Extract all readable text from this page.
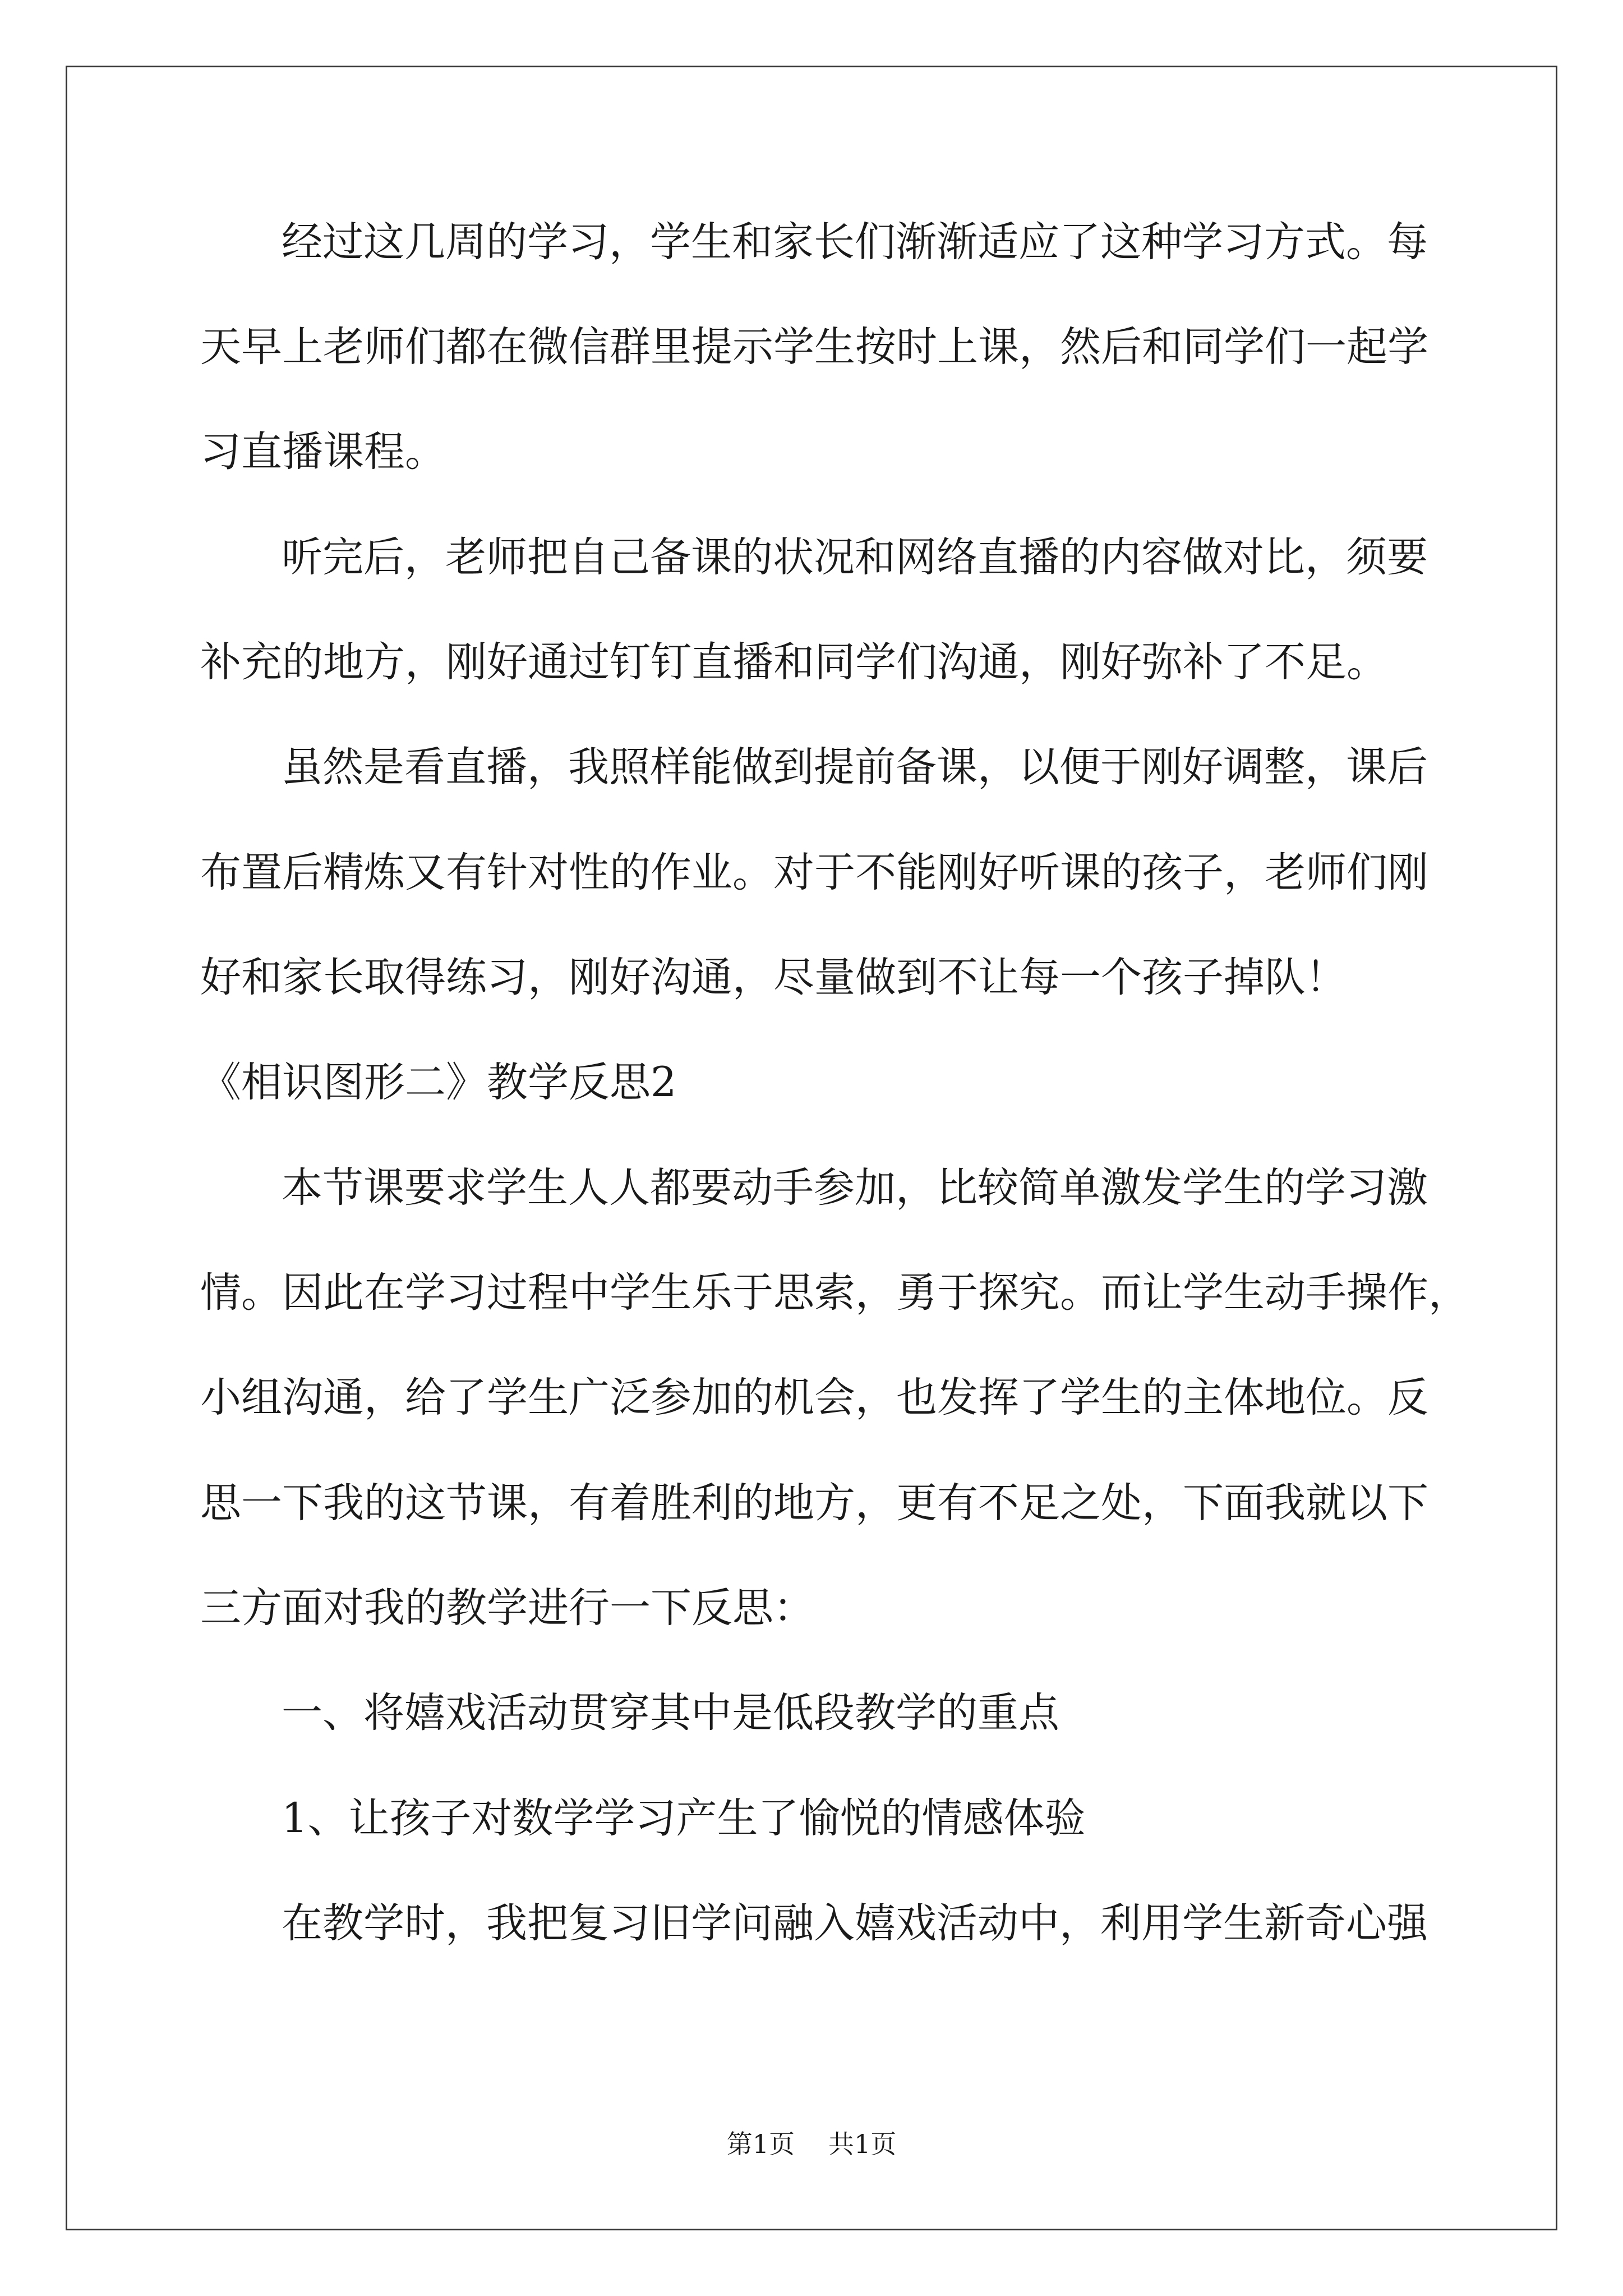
经过这几周的学习，学生和家长们渐渐适应了这种学习方式。每
天早上老师们都在微信群里提示学生按时上课，然后和同学们一起学
习直播课程。
听完后，老师把自己备课的状况和网络直播的内容做对比，须要
补充的地方，刚好通过钉钉直播和同学们沟通，刚好弥补了不足。
虽然是看直播，我照样能做到提前备课，以便于刚好调整，课后
布置后精炼又有针对性的作业。对于不能刚好听课的孩子，老师们刚
好和家长取得练习，刚好沟通，尽量做到不让每一个孩子掉队！
《相识图形二》教学反思2
本节课要求学生人人都要动手参加，比较简单激发学生的学习激
情。因此在学习过程中学生乐于思索，勇于探究。而让学生动手操作，
小组沟通，给了学生广泛参加的机会，也发挥了学生的主体地位。反
思一下我的这节课，有着胜利的地方，更有不足之处，下面我就以下
三方面对我的教学进行一下反思：
一、将嬉戏活动贯穿其中是低段教学的重点
1、让孩子对数学学习产生了愉悦的情感体验
在教学时，我把复习旧学问融入嬉戏活动中，利用学生新奇心强
第1页 共1页
